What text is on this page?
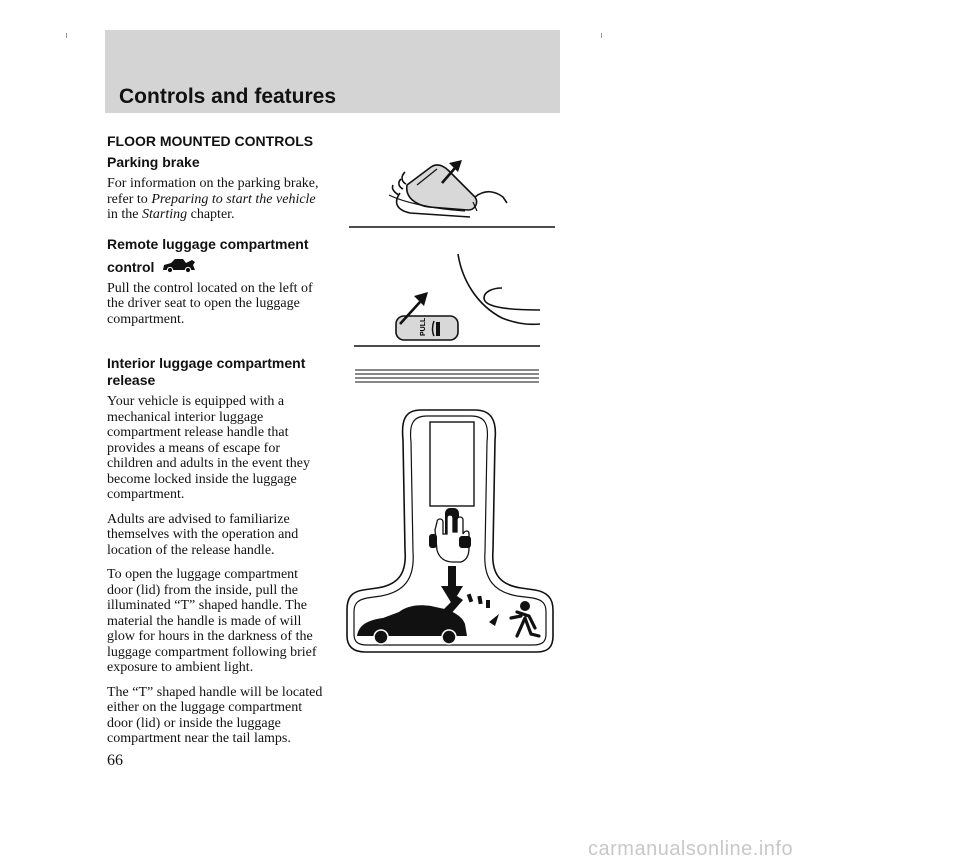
Controls and features

FLOOR MOUNTED CONTROLS

Parking brake

For information on the parking brake, refer to Preparing to start the vehicle in the Starting chapter.

Remote luggage compartment

control

Pull the control located on the left of the driver seat to open the luggage compartment.

Interior luggage compartment release

Your vehicle is equipped with a mechanical interior luggage compartment release handle that provides a means of escape for children and adults in the event they become locked inside the luggage compartment.

Adults are advised to familiarize themselves with the operation and location of the release handle.

To open the luggage compartment door (lid) from the inside, pull the illuminated “T” shaped handle. The material the handle is made of will glow for hours in the darkness of the luggage compartment following brief exposure to ambient light.

The “T” shaped handle will be located either on the luggage compartment door (lid) or inside the luggage compartment near the tail lamps.

66
PULL
carmanualsonline.info
